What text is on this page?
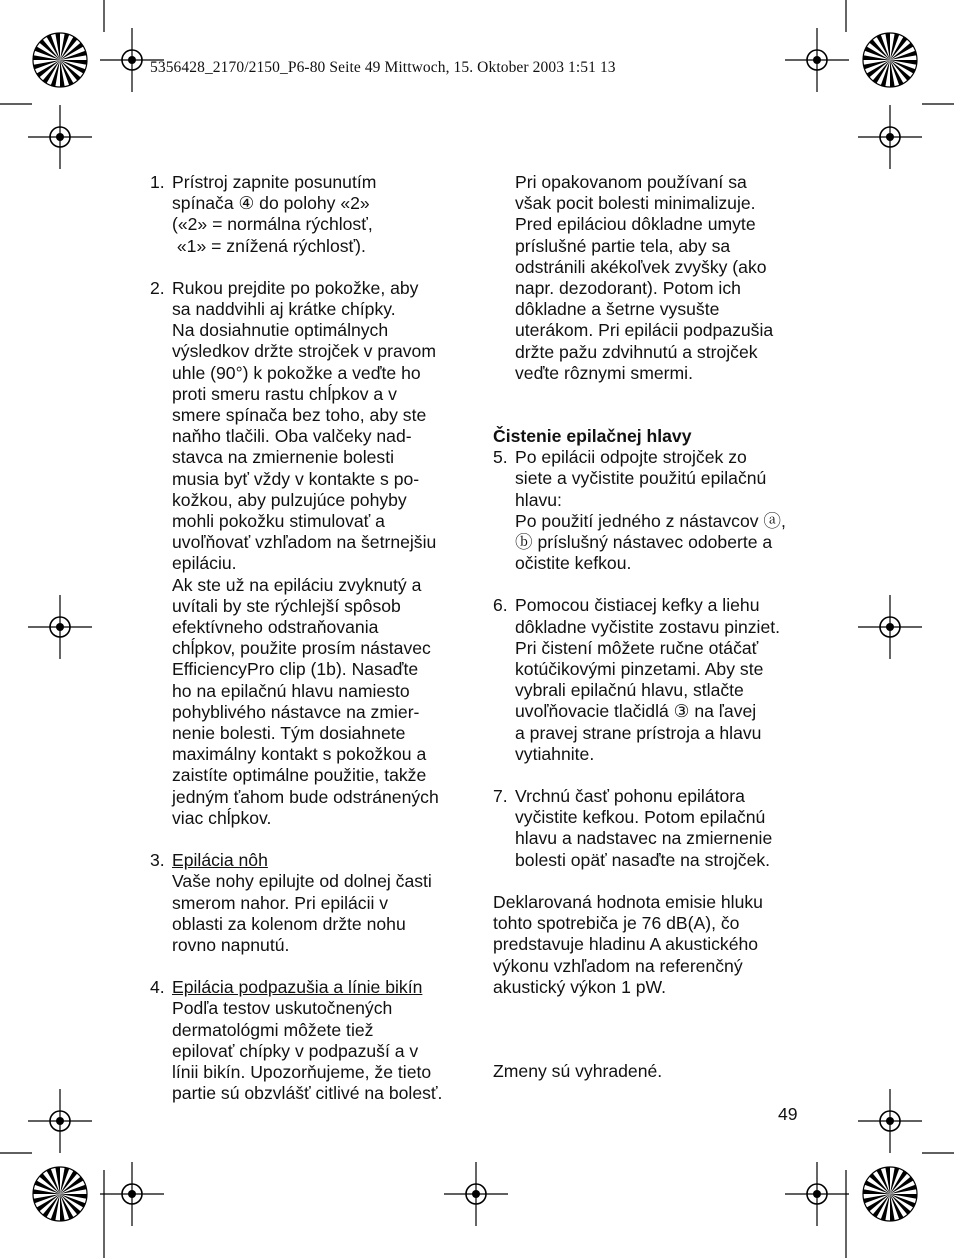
5356428_2170/2150_P6-80 Seite 49 Mittwoch, 15. Oktober 2003 1:51 13
1. Prístroj zapnite posunutím
spínača ④ do polohy «2»
(«2» = normálna rýchlosť,
«1» = znížená rýchlosť).
2. Rukou prejdite po pokožke, aby
sa naddvihli aj krátke chípky.
Na dosiahnutie optimálnych
výsledkov držte strojček v pravom
uhle (90°) k pokožke a veďte ho
proti smeru rastu chĺpkov a v
smere spínača bez toho, aby ste
naňho tlačili. Oba valčeky nad-
stavca na zmiernenie bolesti
musia byť vždy v kontakte s po-
kožkou, aby pulzujúce pohyby
mohli pokožku stimulovať a
uvoľňovať vzhľadom na šetrnejšiu
epiláciu.
Ak ste už na epiláciu zvyknutý a
uvítali by ste rýchlejší spôsob
efektívneho odstraňovania
chĺpkov, použite prosím nástavec
EfficiencyPro clip (1b). Nasaďte
ho na epilačnú hlavu namiesto
pohyblivého nástavce na zmier-
nenie bolesti. Tým dosiahnete
maximálny kontakt s pokožkou a
zaistíte optimálne použitie, takže
jedným ťahom bude odstránených
viac chĺpkov.
3. Epilácia nôh
Vaše nohy epilujte od dolnej časti
smerom nahor. Pri epilácii v
oblasti za kolenom držte nohu
rovno napnutú.
4. Epilácia podpazušia a línie bikín
Podľa testov uskutočnených
dermatológmi môžete tiež
epilovať chípky v podpazuší a v
línii bikín. Upozorňujeme, že tieto
partie sú obzvlášť citlivé na bolesť.
Pri opakovanom používaní sa
však pocit bolesti minimalizuje.
Pred epiláciou dôkladne umyte
príslušné partie tela, aby sa
odstránili akékoľvek zvyšky (ako
napr. dezodorant). Potom ich
dôkladne a šetrne vysušte
uterákom. Pri epilácii podpazušia
držte pažu zdvihnutú a strojček
veďte rôznymi smermi.
Čistenie epilačnej hlavy
5. Po epilácii odpojte strojček zo
siete a vyčistite použitú epilačnú
hlavu:
Po použití jedného z nástavcov ⓐ,
ⓑ príslušný nástavec odoberte a
očistite kefkou.
6. Pomocou čistiacej kefky a liehu
dôkladne vyčistite zostavu pinziet.
Pri čistení môžete ručne otáčať
kotúčikovými pinzetami. Aby ste
vybrali epilačnú hlavu, stlačte
uvoľňovacie tlačidlá ③ na ľavej
a pravej strane prístroja a hlavu
vytiahnite.
7. Vrchnú časť pohonu epilátora
vyčistite kefkou. Potom epilačnú
hlavu a nadstavec na zmiernenie
bolesti opäť nasaďte na strojček.
Deklarovaná hodnota emisie hluku
tohto spotrebiča je 76 dB(A), čo
predstavuje hladinu A akustického
výkonu vzhľadom na referenčný
akustický výkon 1 pW.
Zmeny sú vyhradené.
49
